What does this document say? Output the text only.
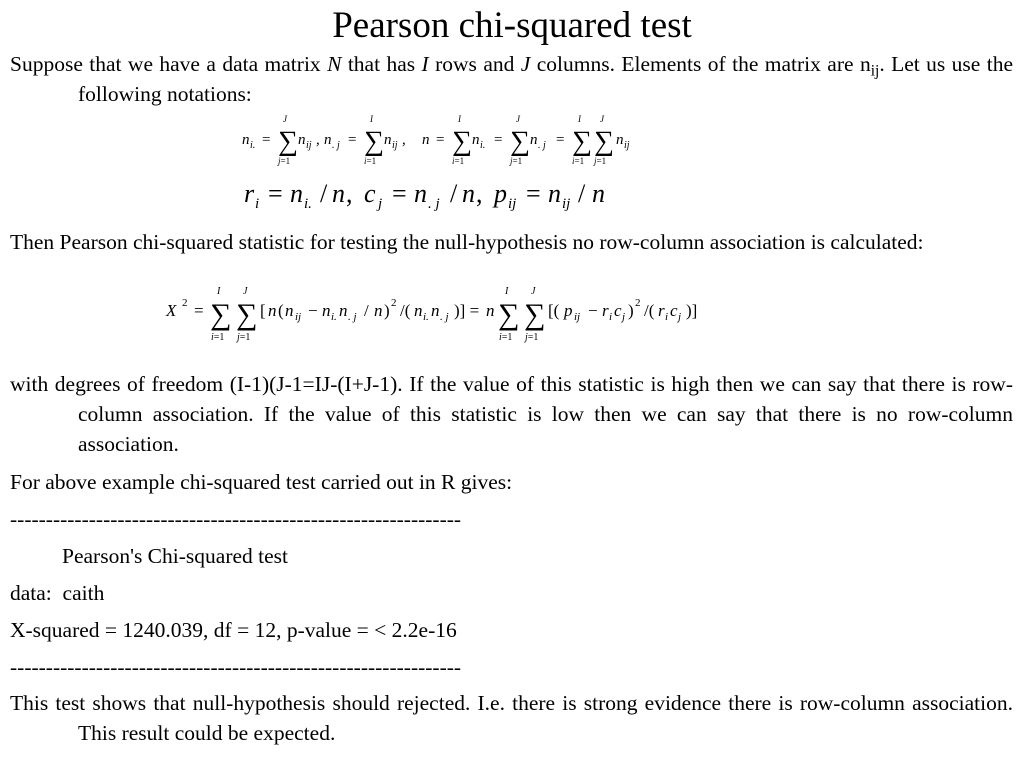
Pearson chi-squared test
Suppose that we have a data matrix N that has I rows and J columns. Elements of the matrix are $n_{ij}$. Let us use the following notations:
n i. = ∑
J
j=1
n ij , n . j = ∑
I
i=1
n ij , n = ∑
I
i=1
n i. = ∑
J
j=1
n . j = ∑
I
i=1
∑
J
j=1
n ij
r i = n i. / n , c j = n . j / n , p ij = n ij / n
Then Pearson chi-squared statistic for testing the null-hypothesis no row-column association is calculated:
X 2 = ∑
I
i=1
∑
J
j=1
[ n ( n ij − n i. n . j / n ) 2 /( n i. n . j )] = n ∑
I
i=1
∑
J
j=1
[( p ij − r i c j ) 2 /( r i c j )]
with degrees of freedom (I-1)(J-1=IJ-(I+J-1). If the value of this statistic is high then we can say that there is row-column association. If the value of this statistic is low then we can say that there is no row-column association.
For above example chi-squared test carried out in R gives:
---------------------------------------------------------------
Pearson's Chi-squared test
data:  caith
X-squared = 1240.039, df = 12, p-value = < 2.2e-16
---------------------------------------------------------------
This test shows that null-hypothesis should rejected. I.e. there is strong evidence there is row-column association. This result could be expected.
